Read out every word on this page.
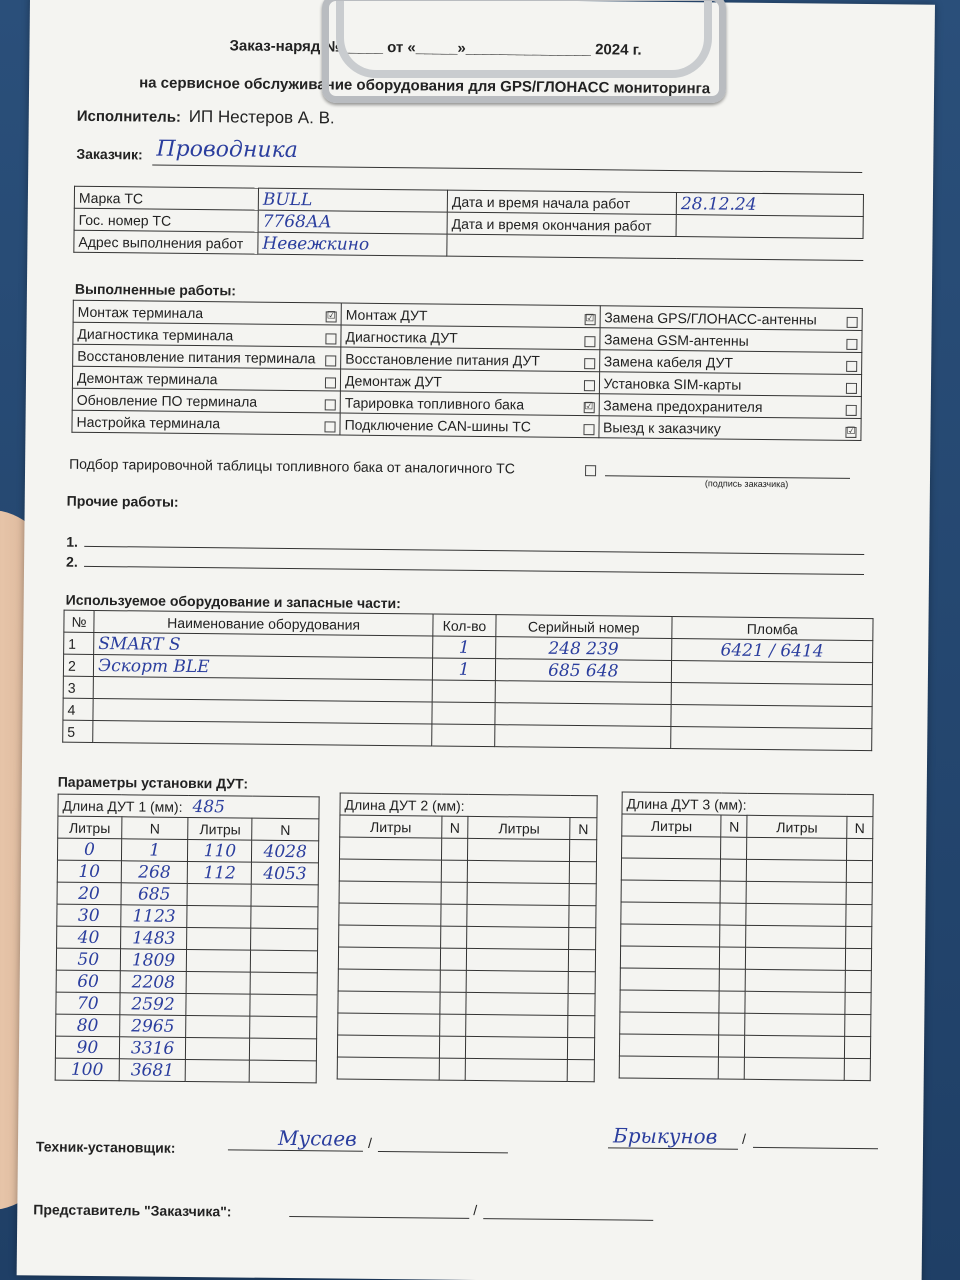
Заказ-наряд №_____ от «_____»_______________ 2024 г.
на сервисное обслуживание оборудования для GPS/ГЛОНАСС мониторинга
Исполнитель: ИП Нестеров А. В.
Заказчик: Проводника
Марка ТС	BULL	Дата и время начала работ	28.12.24
Гос. номер ТС	7768АА	Дата и время окончания работ	
Адрес выполнения работ	Невежкино		
Выполненные работы:
Монтаж терминала ☑	Монтаж ДУТ ☑	Замена GPS/ГЛОНАСС-антенны

Диагностика терминала	Диагностика ДУТ	Замена GSM-антенны

Восстановление питания терминала	Восстановление питания ДУТ	Замена кабеля ДУТ

Демонтаж терминала	Демонтаж ДУТ	Установка SIM-карты

Обновление ПО терминала	Тарировка топливного бака ☑	Замена предохранителя

Настройка терминала	Подключение CAN-шины ТС	Выезд к заказчику ☑
Подбор тарировочной таблицы топливного бака от аналогичного ТС
(подпись заказчика)
Прочие работы:
1.
2.
Используемое оборудование и запасные части:
№	Наименование оборудования	Кол-во	Серийный номер	Пломба
1	SMART S	1	248 239	6421 / 6414
2	Эскорт BLE	1	685 648	
3				
4				
5				
Параметры установки ДУТ:
Длина ДУТ 1 (мм): 485			
Литры	N	Литры	N
0	1	110	4028
10	268	112	4053
20	685		
30	1123		
40	1483		
50	1809		
60	2208		
70	2592		
80	2965		
90	3316		
100	3681		
Длина ДУТ 2 (мм):			
Литры	N	Литры	N

Длина ДУТ 3 (мм):			
Литры	N	Литры	N

Техник-установщик:	Мусаев /	Брыкунов /
Представитель "Заказчика":	/
